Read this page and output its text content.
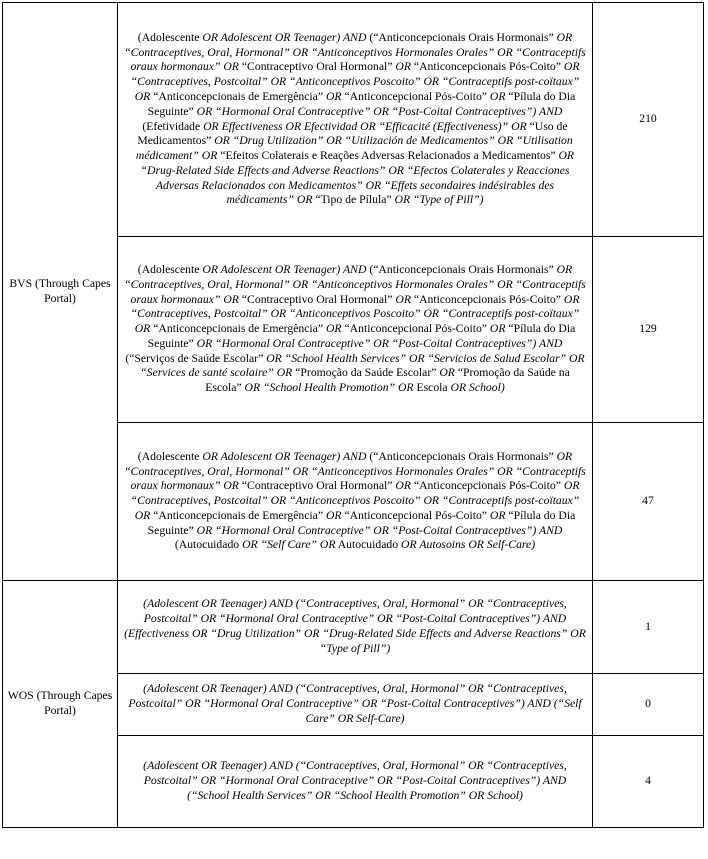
BVS (Through Capes Portal)	(Adolescente OR Adolescent OR Teenager) AND (“Anticoncepcionais Orais Hormonais” OR “Contraceptives, Oral, Hormonal” OR “Anticonceptivos Hormonales Orales” OR “Contraceptifs oraux hormonaux” OR “Contraceptivo Oral Hormonal” OR “Anticoncepcionais Pós-Coito” OR “Contraceptives, Postcoital” OR “Anticonceptivos Poscoito” OR “Contraceptifs post-coïtaux” OR “Anticoncepcionais de Emergência” OR “Anticoncepcional Pós-Coito” OR “Pílula do Dia Seguinte” OR “Hormonal Oral Contraceptive” OR “Post-Coital Contraceptives”) AND (Efetividade OR Effectiveness OR Efectividad OR “Efficacité (Effectiveness)” OR “Uso de Medicamentos” OR “Drug Utilization” OR “Utilización de Medicamentos” OR “Utilisation médicament” OR “Efeitos Colaterais e Reações Adversas Relacionados a Medicamentos” OR “Drug-Related Side Effects and Adverse Reactions” OR “Efectos Colaterales y Reacciones Adversas Relacionados con Medicamentos” OR “Effets secondaires indésirables des médicaments” OR “Tipo de Pílula” OR “Type of Pill”)	210
	(Adolescente OR Adolescent OR Teenager) AND (“Anticoncepcionais Orais Hormonais” OR “Contraceptives, Oral, Hormonal” OR “Anticonceptivos Hormonales Orales” OR “Contraceptifs oraux hormonaux” OR “Contraceptivo Oral Hormonal” OR “Anticoncepcionais Pós-Coito” OR “Contraceptives, Postcoital” OR “Anticonceptivos Poscoito” OR “Contraceptifs post-coïtaux” OR “Anticoncepcionais de Emergência” OR “Anticoncepcional Pós-Coito” OR “Pílula do Dia Seguinte” OR “Hormonal Oral Contraceptive” OR “Post-Coital Contraceptives”) AND (“Serviços de Saúde Escolar” OR “School Health Services” OR “Servicios de Salud Escolar” OR “Services de santé scolaire” OR “Promoção da Saúde Escolar” OR “Promoção da Saúde na Escola” OR “School Health Promotion” OR Escola OR School)	129
	(Adolescente OR Adolescent OR Teenager) AND (“Anticoncepcionais Orais Hormonais” OR “Contraceptives, Oral, Hormonal” OR “Anticonceptivos Hormonales Orales” OR “Contraceptifs oraux hormonaux” OR “Contraceptivo Oral Hormonal” OR “Anticoncepcionais Pós-Coito” OR “Contraceptives, Postcoital” OR “Anticonceptivos Poscoito” OR “Contraceptifs post-coïtaux” OR “Anticoncepcionais de Emergência” OR “Anticoncepcional Pós-Coito” OR “Pílula do Dia Seguinte” OR “Hormonal Oral Contraceptive” OR “Post-Coital Contraceptives”) AND (Autocuidado OR “Self Care” OR Autocuidado OR Autosoins OR Self-Care)	47
WOS (Through Capes Portal)	(Adolescent OR Teenager) AND (“Contraceptives, Oral, Hormonal” OR “Contraceptives, Postcoital” OR “Hormonal Oral Contraceptive” OR “Post-Coital Contraceptives”) AND (Effectiveness OR “Drug Utilization” OR “Drug-Related Side Effects and Adverse Reactions” OR “Type of Pill”)	1
	(Adolescent OR Teenager) AND (“Contraceptives, Oral, Hormonal” OR “Contraceptives, Postcoital” OR “Hormonal Oral Contraceptive” OR “Post-Coital Contraceptives”) AND (“Self Care” OR Self-Care)	0
	(Adolescent OR Teenager) AND (“Contraceptives, Oral, Hormonal” OR “Contraceptives, Postcoital” OR “Hormonal Oral Contraceptive” OR “Post-Coital Contraceptives”) AND (“School Health Services” OR “School Health Promotion” OR School)	4
